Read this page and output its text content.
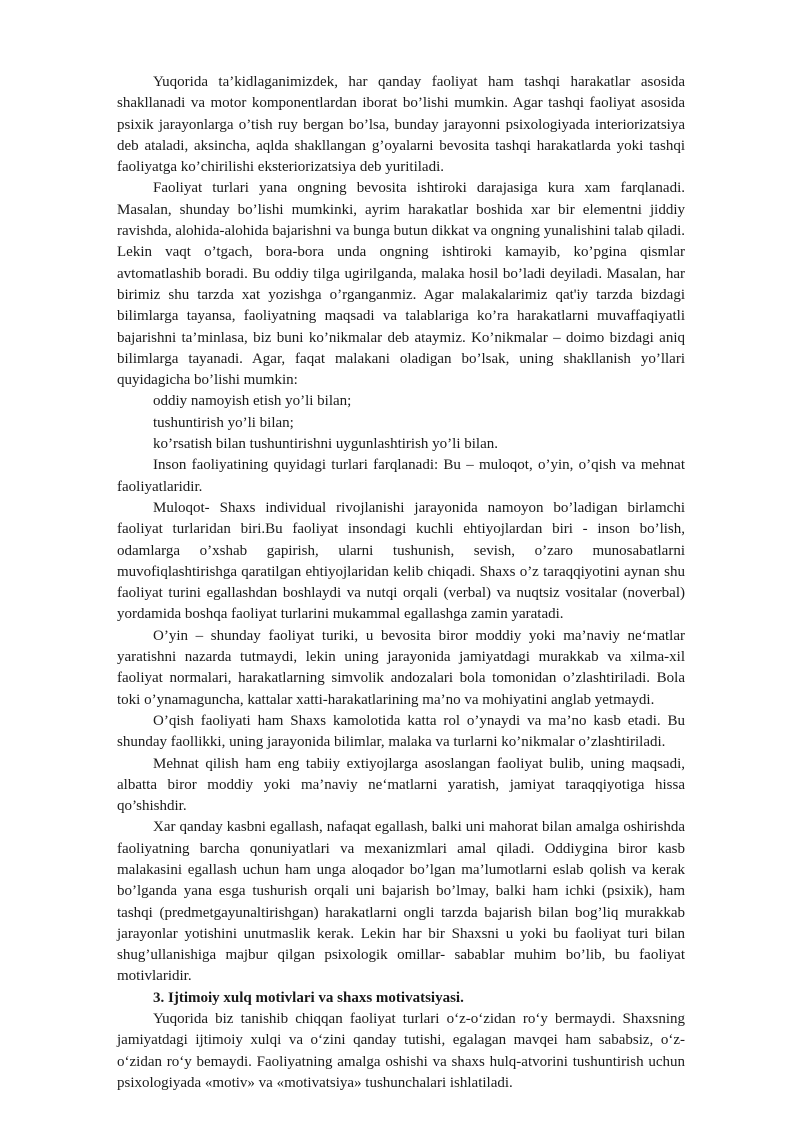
Yuqorida ta’kidlaganimizdek, har qanday faoliyat ham tashqi harakatlar asosida shakllanadi va motor komponentlardan iborat bo’lishi mumkin. Agar tashqi faoliyat asosida psixik jarayonlarga o’tish ruy bergan bo’lsa, bunday jarayonni psixologiyada interiorizatsiya deb ataladi, aksincha, aqlda shakllangan g’oyalarni bevosita tashqi harakatlarda yoki tashqi faoliyatga ko’chirilishi eksteriorizatsiya deb yuritiladi.

Faoliyat turlari yana ongning bevosita ishtiroki darajasiga kura xam farqlanadi. Masalan, shunday bo’lishi mumkinki, ayrim harakatlar boshida xar bir elementni jiddiy ravishda, alohida-alohida bajarishni va bunga butun dikkat va ongning yunalishini talab qiladi. Lekin vaqt o’tgach, bora-bora unda ongning ishtiroki kamayib, ko’pgina qismlar avtomatlashib boradi. Bu oddiy tilga ugirilganda, malaka hosil bo’ladi deyiladi. Masalan, har birimiz shu tarzda xat yozishga o’rganganmiz. Agar malakalarimiz qat'iy tarzda bizdagi bilimlarga tayansa, faoliyatning maqsadi va talablariga ko’ra harakatlarni muvaffaqiyatli bajarishni ta’minlasa, biz buni ko’nikmalar deb ataymiz. Ko’nikmalar – doimo bizdagi aniq bilimlarga tayanadi. Agar, faqat malakani oladigan bo’lsak, uning shakllanish yo’llari quyidagicha bo’lishi mumkin:

oddiy namoyish etish yo’li bilan;

tushuntirish yo’li bilan;

ko’rsatish bilan tushuntirishni uygunlashtirish yo’li bilan.

Inson faoliyatining quyidagi turlari farqlanadi: Bu – muloqot, o’yin, o’qish va mehnat faoliyatlaridir.

Muloqot- Shaxs individual rivojlanishi jarayonida namoyon bo’ladigan birlamchi faoliyat turlaridan biri.Bu faoliyat insondagi kuchli ehtiyojlardan biri - inson bo’lish, odamlarga o’xshab gapirish, ularni tushunish, sevish, o’zaro munosabatlarni muvofiqlashtirishga qaratilgan ehtiyojlaridan kelib chiqadi. Shaxs o’z taraqqiyotini aynan shu faoliyat turini egallashdan boshlaydi va nutqi orqali (verbal) va nuqtsiz vositalar (noverbal) yordamida boshqa faoliyat turlarini mukammal egallashga zamin yaratadi.

O’yin – shunday faoliyat turiki, u bevosita biror moddiy yoki ma’naviy ne‘matlar yaratishni nazarda tutmaydi, lekin uning jarayonida jamiyatdagi murakkab va xilma-xil faoliyat normalari, harakatlarning simvolik andozalari bola tomonidan o’zlashtiriladi. Bola toki o’ynamaguncha, kattalar xatti-harakatlarining ma’no va mohiyatini anglab yetmaydi.

O’qish faoliyati ham Shaxs kamolotida katta rol o’ynaydi va ma’no kasb etadi. Bu shunday faollikki, uning jarayonida bilimlar, malaka va turlarni ko’nikmalar o’zlashtiriladi.

Mehnat qilish ham eng tabiiy extiyojlarga asoslangan faoliyat bulib, uning maqsadi, albatta biror moddiy yoki ma’naviy ne‘matlarni yaratish, jamiyat taraqqiyotiga hissa qo’shishdir.

Xar qanday kasbni egallash, nafaqat egallash, balki uni mahorat bilan amalga oshirishda faoliyatning barcha qonuniyatlari va mexanizmlari amal qiladi. Oddiygina biror kasb malakasini egallash uchun ham unga aloqador bo’lgan ma’lumotlarni eslab qolish va kerak bo’lganda yana esga tushurish orqali uni bajarish bo’lmay, balki ham ichki (psixik), ham tashqi (predmetgayunaltirishgan) harakatlarni ongli tarzda bajarish bilan bog’liq murakkab jarayonlar yotishini unutmaslik kerak. Lekin har bir Shaxsni u yoki bu faoliyat turi bilan shug’ullanishiga majbur qilgan psixologik omillar- sabablar muhim bo’lib, bu faoliyat motivlaridir.

3. Ijtimoiy xulq motivlari va shaxs motivatsiyasi.

Yuqorida biz tanishib chiqqan faoliyat turlari o‘z-o‘zidan ro‘y bermaydi. Shaxsning jamiyatdagi ijtimoiy xulqi va o‘zini qanday tutishi, egalagan mavqei ham sababsiz, o‘z-o‘zidan ro‘y bemaydi. Faoliyatning amalga oshishi va shaxs hulq-atvorini tushuntirish uchun psixologiyada «motiv» va «motivatsiya» tushunchalari ishlatiladi.
